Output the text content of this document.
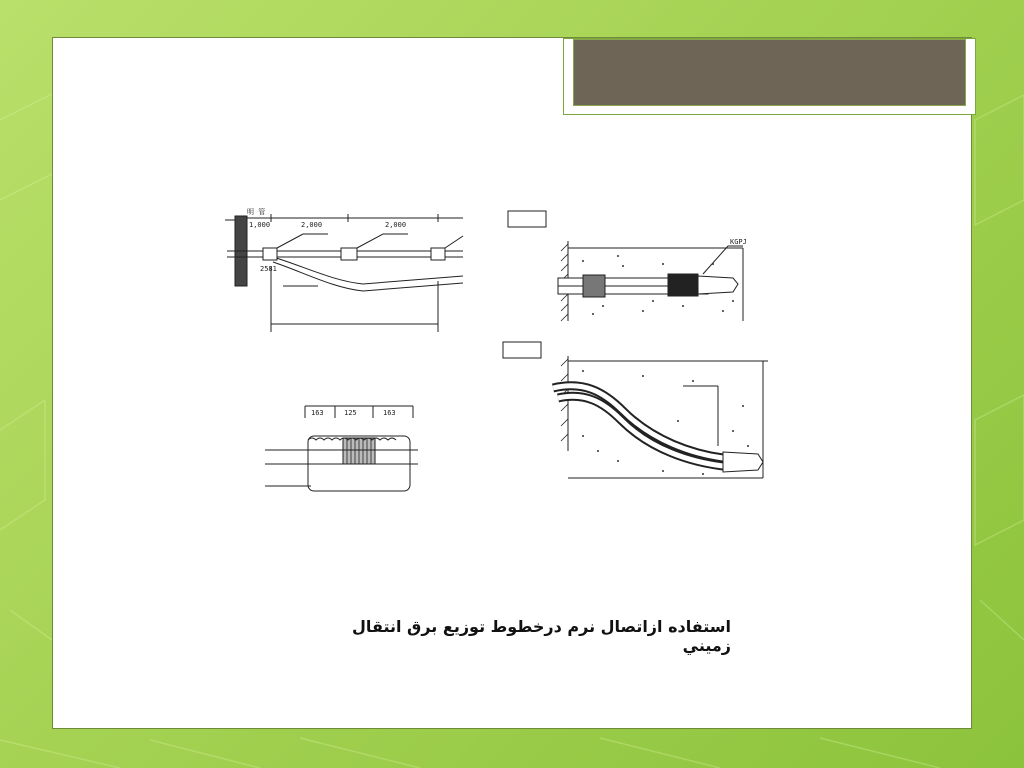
明 管
1,000	2,000	2,000
2581
163	125	163
KGPJ
استفاده ازاتصال نرم درخطوط توزيع برق انتقال زميني
